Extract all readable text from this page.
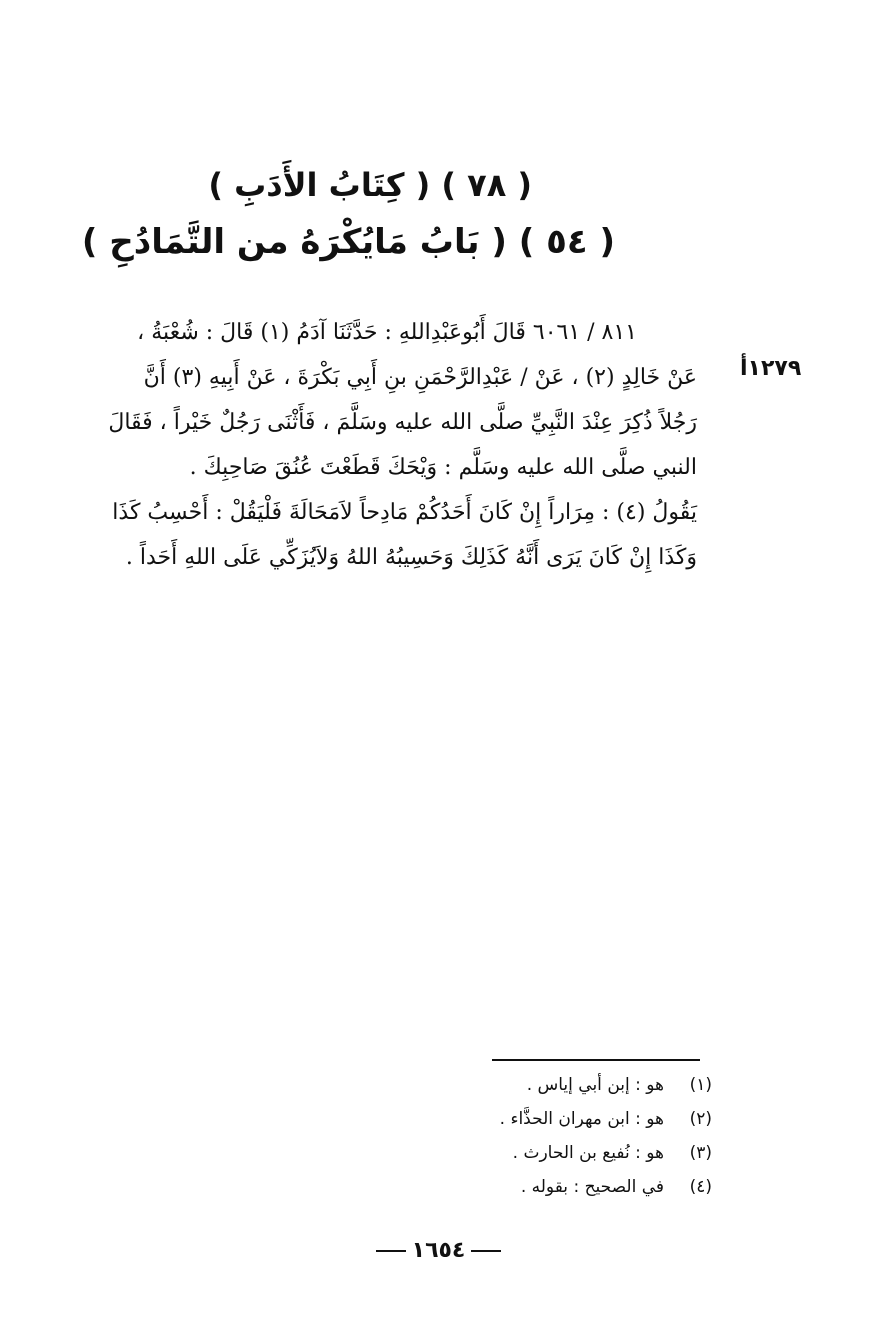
( ٧٨ ) ( كِتَابُ الأَدَبِ )
( ٥٤ ) ( بَابُ مَايُكْرَهُ من التَّمَادُحِ )
١٢٧٩أ
٨١١ / ٦٠٦١ قَالَ أَبُوعَبْدِاللهِ : حَدَّثَنَا آدَمُ (١) قَالَ : شُعْبَةُ ،
عَنْ خَالِدٍ (٢) ، عَنْ / عَبْدِالرَّحْمَنِ بنِ أَبِي بَكْرَةَ ، عَنْ أَبِيهِ (٣) أَنَّ
رَجُلاً ذُكِرَ عِنْدَ النَّبِيِّ صلَّى الله عليه وسَلَّمَ ، فَأَثْنَى رَجُلٌ خَيْراً ، فَقَالَ
النبي صلَّى الله عليه وسَلَّم : وَيْحَكَ قَطَعْتَ عُنُقَ صَاحِبِكَ .
يَقُولُ (٤) : مِرَاراً إِنْ كَانَ أَحَدُكُمْ مَادِحاً لاَمَحَالَةَ فَلْيَقُلْ : أَحْسِبُ كَذَا
وَكَذَا إِنْ كَانَ يَرَى أَنَّهُ كَذَلِكَ وَحَسِيبُهُ اللهُ وَلاَيُزَكِّي عَلَى اللهِ أَحَداً .
(١)
هو : إبن أبي إياس .
(٢)
هو : ابن مهران الحذَّاء .
(٣)
هو : نُفيع بن الحارث .
(٤)
في الصحيح : بقوله .
١٦٥٤
